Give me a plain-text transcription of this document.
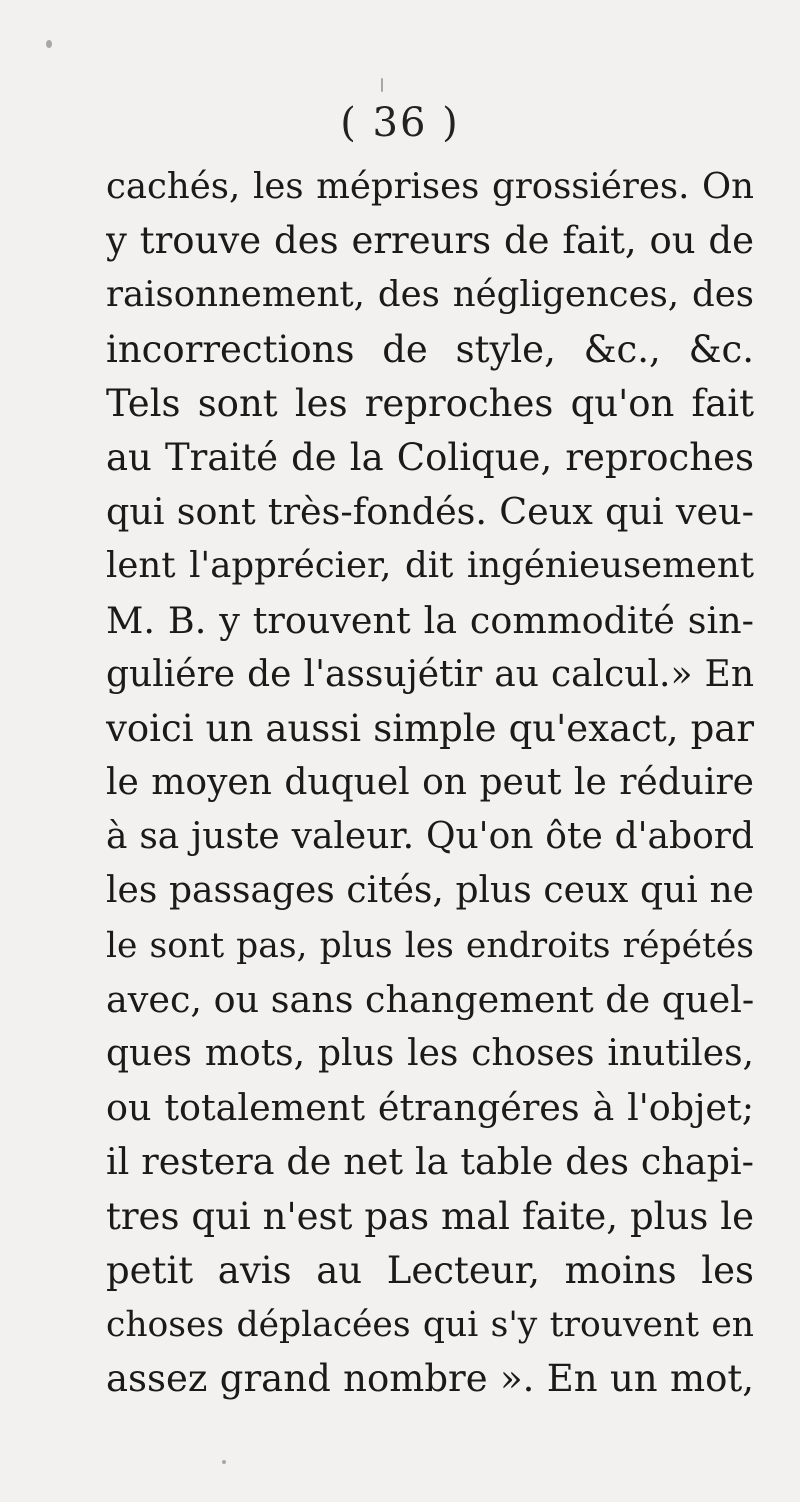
( 36 )
cachés, les méprises grossiéres. On
y trouve des erreurs de fait, ou de
raisonnement, des négligences, des
incorrections de style, &c., &c.
Tels sont les reproches qu'on fait
au Traité de la Colique, reproches
qui sont très-fondés. Ceux qui veu-
lent l'apprécier, dit ingénieusement
M. B. y trouvent la commodité sin-
guliére de l'assujétir au calcul.» En
voici un aussi simple qu'exact, par
le moyen duquel on peut le réduire
à sa juste valeur. Qu'on ôte d'abord
les passages cités, plus ceux qui ne
le sont pas, plus les endroits répétés
avec, ou sans changement de quel-
ques mots, plus les choses inutiles,
ou totalement étrangéres à l'objet;
il restera de net la table des chapi-
tres qui n'est pas mal faite, plus le
petit avis au Lecteur, moins les
choses déplacées qui s'y trouvent en
assez grand nombre ». En un mot,
